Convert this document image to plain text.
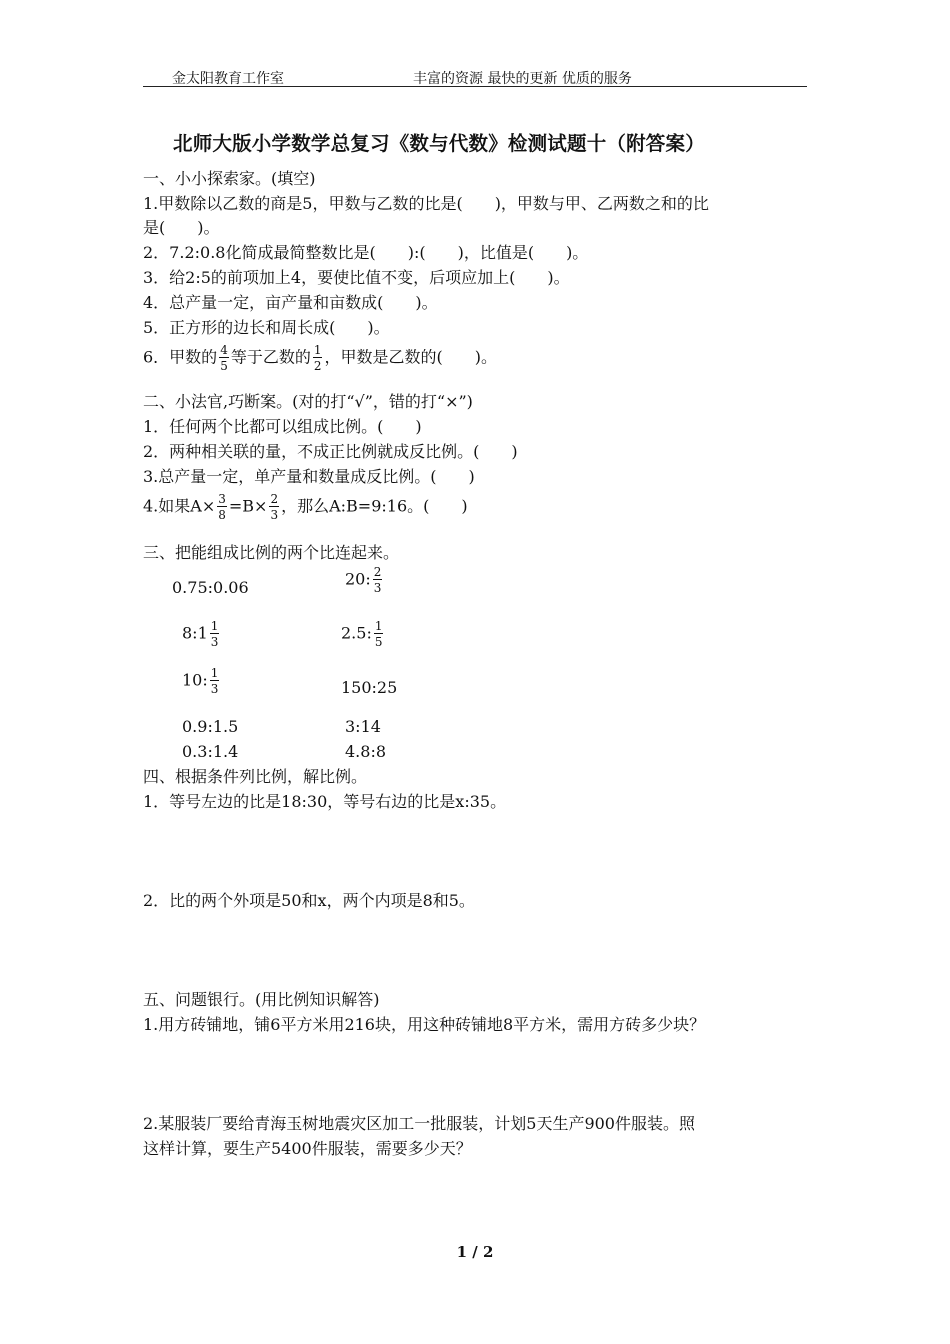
金太阳教育工作室	丰富的资源 最快的更新 优质的服务
北师大版小学数学总复习《数与代数》检测试题十（附答案）
一、小小探索家。(填空)
1.甲数除以乙数的商是5，甲数与乙数的比是(　　)，甲数与甲、乙两数之和的比
是(　　)。
2．7.2:0.8化简成最简整数比是(　　):(　　)，比值是(　　)。
3．给2:5的前项加上4，要使比值不变，后项应加上(　　)。
4．总产量一定，亩产量和亩数成(　　)。
5．正方形的边长和周长成(　　)。
6．甲数的 $\frac{4}{5}$ 等于乙数的 $\frac{1}{2}$ ，甲数是乙数的(　　)。
二、小法官,巧断案。(对的打“√”，错的打“×”)
1．任何两个比都可以组成比例。(　　)
2．两种相关联的量，不成正比例就成反比例。(　　)
3.总产量一定，单产量和数量成反比例。(　　)
4.如果$A\times \frac{3}{8} =B\times \frac{2}{3}$ ，那么A:B=9:16。(　　)
三、把能组成比例的两个比连起来。
0.75:0.06	20: $\frac{2}{3}$
8:1 $\frac{1}{3}$	2.5: $\frac{1}{5}$
10: $\frac{1}{3}$	150:25
0.9:1.5	3:14
0.3:1.4	4.8:8
四、根据条件列比例，解比例。
1．等号左边的比是18:30，等号右边的比是x:35。
2．比的两个外项是50和x，两个内项是8和5。
五、问题银行。(用比例知识解答)
1.用方砖铺地，铺6平方米用216块，用这种砖铺地8平方米，需用方砖多少块？
2.某服装厂要给青海玉树地震灾区加工一批服装，计划5天生产900件服装。照
这样计算，要生产5400件服装，需要多少天？
1 / 2
